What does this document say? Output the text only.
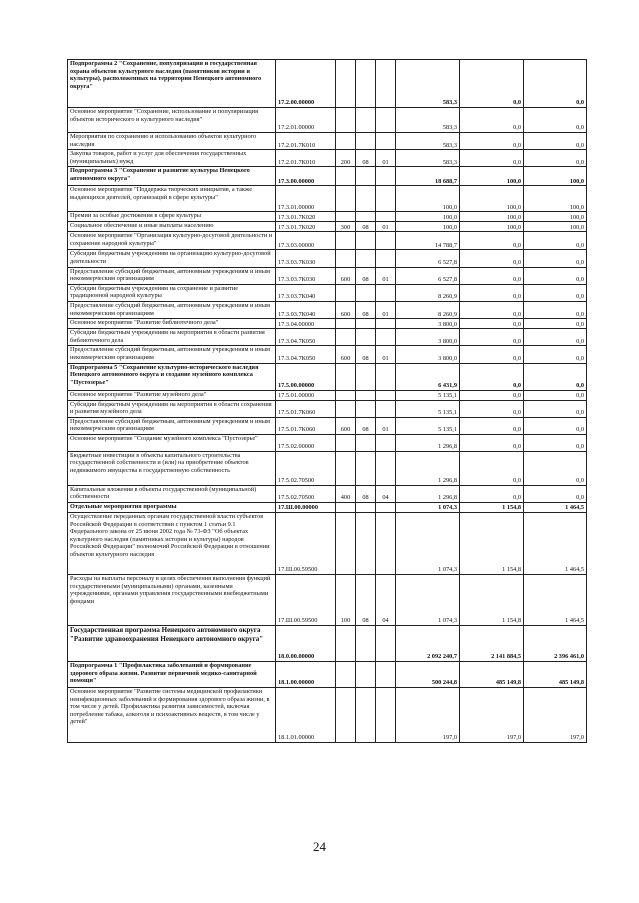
Подпрограмма 2 "Сохранение, популяризация и государственная охрана объектов культурного наследия (памятников истории и культуры), расположенных на территории Ненецкого автономного округа"	17.2.00.00000				583,3	0,0	0,0
Основное мероприятие "Сохранение, использование и популяризация объектов исторического и культурного наследия"	17.2.01.00000				583,3	0,0	0,0
Мероприятия по сохранению и использованию объектов культурного наследия	17.2.01.7К010				583,3	0,0	0,0
Закупка товаров, работ и услуг для обеспечения государственных (муниципальных) нужд	17.2.01.7К010	200	08	01	583,3	0,0	0,0
Подпрограмма 3 "Сохранение и развитие культуры Ненецкого автономного округа"	17.3.00.00000				18 688,7	100,0	100,0
Основное мероприятие "Поддержка творческих инициатив, а также выдающихся деятелей, организаций в сфере культуры"	17.3.01.00000				100,0	100,0	100,0
Премии за особые достижения в сфере культуры	17.3.01.7К020				100,0	100,0	100,0
Социальное обеспечение и иные выплаты населению	17.3.01.7К020	300	08	01	100,0	100,0	100,0
Основное мероприятие "Организация культурно-досуговой деятельности и сохранение народной культуры"	17.3.03.00000				14 788,7	0,0	0,0
Субсидии бюджетным учреждениям на организацию культурно-досуговой деятельности	17.3.03.7К030				6 527,8	0,0	0,0
Предоставление субсидий бюджетным, автономным учреждениям и иным некоммерческим организациям	17.3.03.7К030	600	08	01	6 527,8	0,0	0,0
Субсидии бюджетным учреждениям на сохранение и развитие традиционной народной культуры	17.3.03.7К040				8 260,9	0,0	0,0
Предоставление субсидий бюджетным, автономным учреждениям и иным некоммерческим организациям	17.3.03.7К040	600	08	01	8 260,9	0,0	0,0
Основное мероприятие "Развитие библиотечного дела"	17.3.04.00000				3 800,0	0,0	0,0
Субсидии бюджетным учреждениям на мероприятия в области развития библиотечного дела	17.3.04.7К050				3 800,0	0,0	0,0
Предоставление субсидий бюджетным, автономным учреждениям и иным некоммерческим организациям	17.3.04.7К050	600	08	01	3 800,0	0,0	0,0
Подпрограмма 5 "Сохранение культурно-исторического наследия Ненецкого автономного округа и создание музейного комплекса "Пустозерье"	17.5.00.00000				6 431,9	0,0	0,0
Основное мероприятие "Развитие музейного дела"	17.5.01.00000				5 135,1	0,0	0,0
Субсидии бюджетным учреждениям на мероприятия в области сохранения и развития музейного дела	17.5.01.7К060				5 135,1	0,0	0,0
Предоставление субсидий бюджетным, автономным учреждениям и иным некоммерческим организациям	17.5.01.7К060	600	08	01	5 135,1	0,0	0,0
Основное мероприятие "Создание музейного комплекса "Пустозерье"	17.5.02.00000				1 296,8	0,0	0,0
Бюджетные инвестиции в объекты капитального строительства государственной собственности и (или) на приобретение объектов недвижимого имущества в государственную собственность	17.5.02.70500				1 296,8	0,0	0,0
Капитальные вложения в объекты государственной (муниципальной) собственности	17.5.02.70500	400	08	04	1 296,8	0,0	0,0
Отдельные мероприятия программы	17.Ш.00.00000				1 074,3	1 154,8	1 464,5
Осуществление переданных органам государственной власти субъектов Российской Федерации в соответствии с пунктом 1 статьи 9.1 Федерального закона от 25 июня 2002 года № 73-ФЗ "Об объектах культурного наследия (памятниках истории и культуры) народов Российской Федерации" полномочий Российской Федерации в отношении объектов культурного наследия	17.Ш.00.59500				1 074,3	1 154,8	1 464,5
Расходы на выплаты персоналу в целях обеспечения выполнения функций государственными (муниципальными) органами, казенными учреждениями, органами управления государственными внебюджетными фондами	17.Ш.00.59500	100	08	04	1 074,3	1 154,8	1 464,5
Государственная программа Ненецкого автономного округа "Развитие здравоохранения Ненецкого автономного округа"	18.0.00.00000				2 092 240,7	2 141 884,5	2 396 461,0
Подпрограмма 1 "Профилактика заболеваний и формирование здорового образа жизни. Развитие первичной медико-санитарной помощи"	18.1.00.00000				500 244,8	485 149,8	485 149,8
Основное мероприятие "Развитие системы медицинской профилактики неинфекционных заболеваний и формирования здорового образа жизни, в том числе у детей. Профилактика развития зависимостей, включая потребление табака, алкоголя и психоактивных веществ, в том числе у детей"	18.1.01.00000				197,0	197,0	197,0
24
